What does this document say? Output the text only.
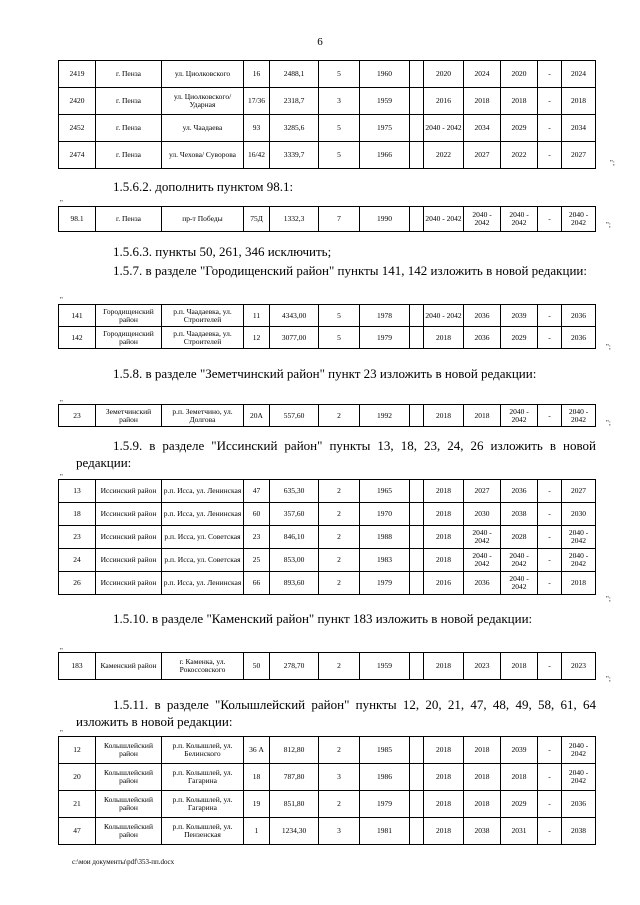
6
2419	г. Пенза	ул. Циолковского	16	2488,1	5	1960		2020	2024	2020	-	2024
2420	г. Пенза	ул. Циолковского/ Ударная	17/36	2318,7	3	1959		2016	2018	2018	-	2018
2452	г. Пенза	ул. Чаадаева	93	3285,6	5	1975		2040 - 2042	2034	2029	-	2034
2474	г. Пенза	ул. Чехова/ Суворова	16/42	3339,7	5	1966		2022	2027	2022	-	2027
";
1.5.6.2. дополнить пунктом 98.1:
"
98.1	г. Пенза	пр-т Победы	75Д	1332,3	7	1990		2040 - 2042	2040 - 2042	2040 - 2042	-	2040 - 2042	";
1.5.6.3. пункты 50, 261, 346 исключить;
1.5.7. в разделе "Городищенский район" пункты 141, 142 изложить в новой редакции:
"
141	Городищенский район	р.п. Чаадаевка, ул. Строителей	11	4343,00	5	1978		2040 - 2042	2036	2039	-	2036
142	Городищенский район	р.п. Чаадаевка, ул. Строителей	12	3077,00	5	1979		2018	2036	2029	-	2036
";
1.5.8. в разделе "Земетчинский район" пункт 23 изложить в новой редакции:
"
23	Земетчинский район	р.п. Земетчино, ул. Долгова	20А	557,60	2	1992		2018	2018	2040 - 2042	-	2040 - 2042	";
1.5.9. в разделе "Иссинский район" пункты 13, 18, 23, 24, 26 изложить в новой редакции:
"
13	Иссинский район	р.п. Исса, ул. Ленинская	47	635,30	2	1965		2018	2027	2036	-	2027
18	Иссинский район	р.п. Исса, ул. Ленинская	60	357,60	2	1970		2018	2030	2038	-	2030
23	Иссинский район	р.п. Исса, ул. Советская	23	846,10	2	1988		2018	2040 - 2042	2028	-	2040 - 2042
24	Иссинский район	р.п. Исса, ул. Советская	25	853,00	2	1983		2018	2040 - 2042	2040 - 2042	-	2040 - 2042
26	Иссинский район	р.п. Исса, ул. Ленинская	66	893,60	2	1979		2016	2036	2040 - 2042	-	2018
";
1.5.10. в разделе "Каменский район" пункт 183 изложить в новой редакции:
"
183	Каменский район	г. Каменка, ул. Рокоссовского	50	278,70	2	1959		2018	2023	2018	-	2023
";
1.5.11. в разделе "Колышлейский район" пункты 12, 20, 21, 47, 48, 49, 58, 61, 64 изложить в новой редакции:
"
12	Колышлейский район	р.п. Колышлей, ул. Белинского	36 А	812,80	2	1985		2018	2018	2039	-	2040 - 2042
20	Колышлейский район	р.п. Колышлей, ул. Гагарина	18	787,80	3	1986		2018	2018	2018	-	2040 - 2042
21	Колышлейский район	р.п. Колышлей, ул. Гагарина	19	851,80	2	1979		2018	2018	2029	-	2036
47	Колышлейский район	р.п. Колышлей, ул. Пензенская	1	1234,30	3	1981		2018	2038	2031	-	2038
c:\мои документы\pdf\353-пп.docx
